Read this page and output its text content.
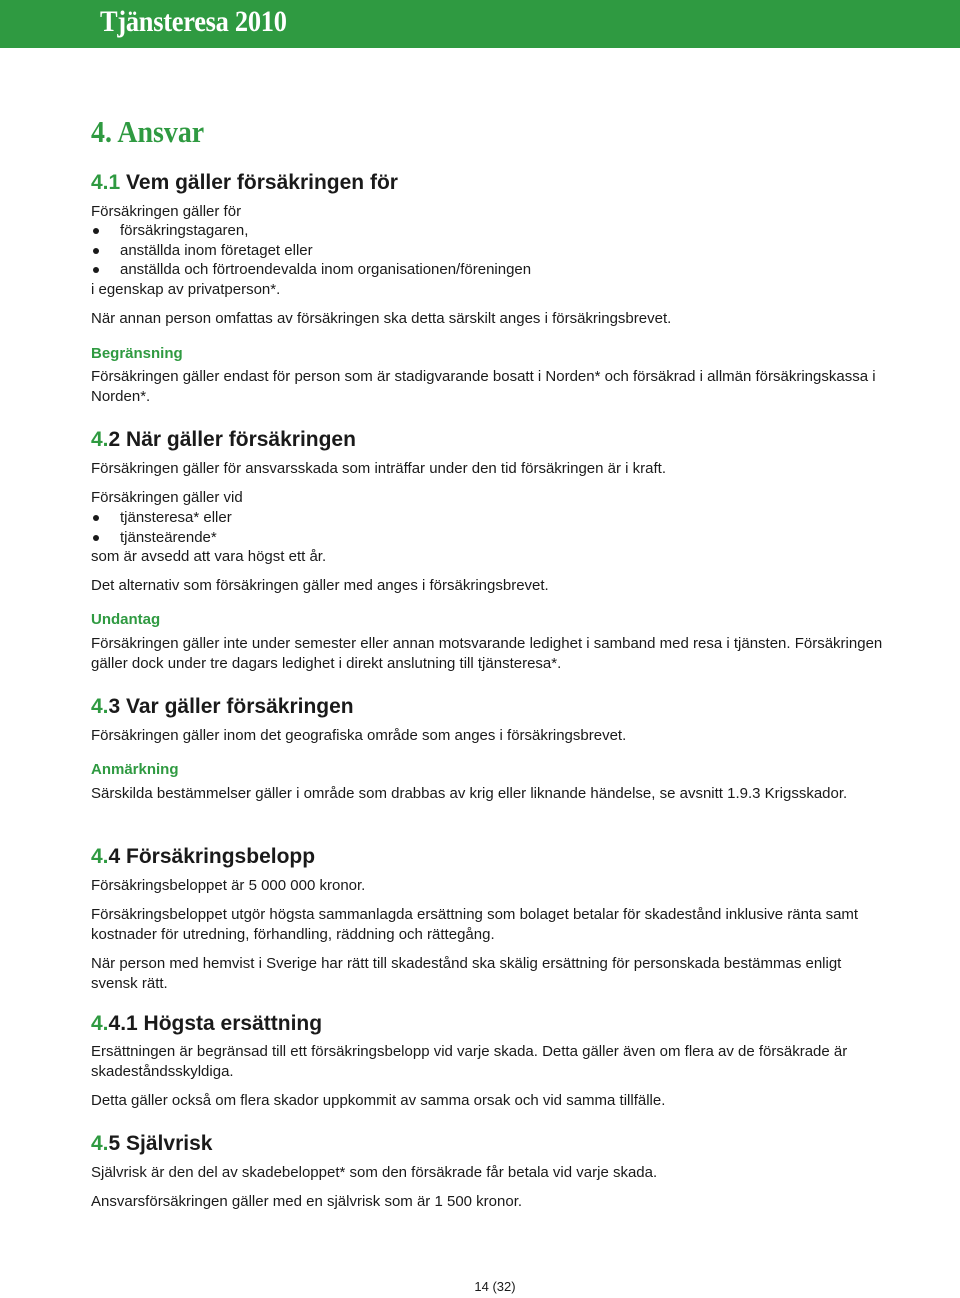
Tjänsteresa 2010
4. Ansvar
4.1 Vem gäller försäkringen för

Försäkringen gäller för

försäkringstagaren,
anställda inom företaget eller
anställda och förtroendevalda inom organisationen/föreningen

i egenskap av privatperson*.

När annan person omfattas av försäkringen ska detta särskilt anges i försäkringsbrevet.

Begränsning

Försäkringen gäller endast för person som är stadigvarande bosatt i Norden* och försäkrad i allmän försäkringskassa i Norden*.

4.2 När gäller försäkringen

Försäkringen gäller för ansvarsskada som inträffar under den tid försäkringen är i kraft.

Försäkringen gäller vid

tjänsteresa* eller
tjänsteärende*

som är avsedd att vara högst ett år.

Det alternativ som försäkringen gäller med anges i försäkringsbrevet.

Undantag

Försäkringen gäller inte under semester eller annan motsvarande ledighet i samband med resa i tjänsten. Försäkringen gäller dock under tre dagars ledighet i direkt anslutning till tjänsteresa*.

4.3 Var gäller försäkringen

Försäkringen gäller inom det geografiska område som anges i försäkringsbrevet.

Anmärkning

Särskilda bestämmelser gäller i område som drabbas av krig eller liknande händelse, se avsnitt 1.9.3 Krigsskador.

4.4 Försäkringsbelopp

Försäkringsbeloppet är 5 000 000 kronor.

Försäkringsbeloppet utgör högsta sammanlagda ersättning som bolaget betalar för skadestånd inklusive ränta samt kostnader för utredning, förhandling, räddning och rättegång.

När person med hemvist i Sverige har rätt till skadestånd ska skälig ersättning för personskada bestämmas enligt svensk rätt.

4.4.1 Högsta ersättning

Ersättningen är begränsad till ett försäkringsbelopp vid varje skada. Detta gäller även om flera av de försäkrade är skadeståndsskyldiga.

Detta gäller också om flera skador uppkommit av samma orsak och vid samma tillfälle.

4.5 Självrisk

Självrisk är den del av skadebeloppet* som den försäkrade får betala vid varje skada.

Ansvarsförsäkringen gäller med en självrisk som är 1 500 kronor.

14 (32)
